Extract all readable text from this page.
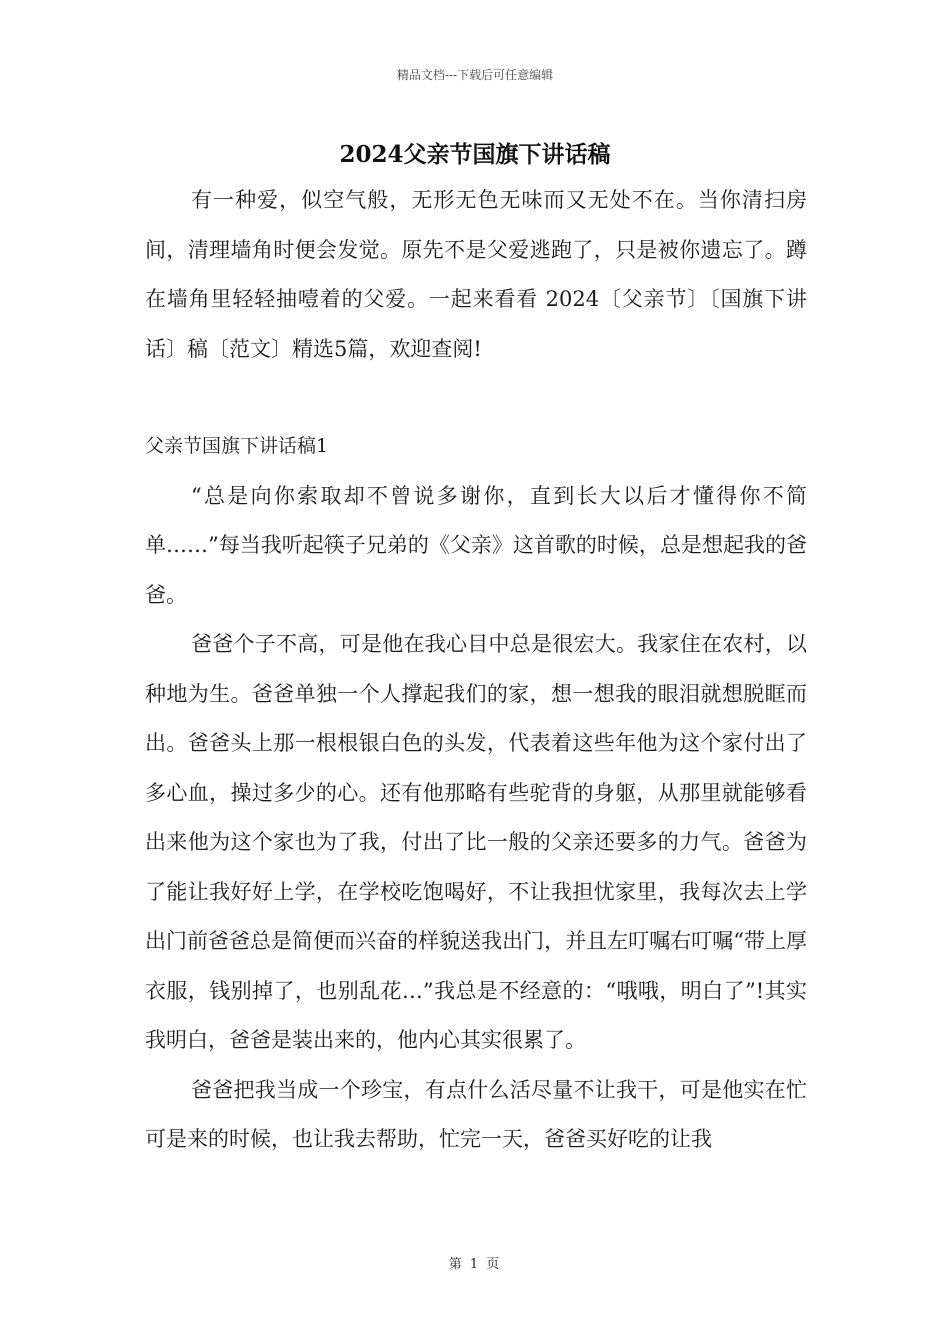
精品文档---下载后可任意编辑
2024父亲节国旗下讲话稿

有一种爱，似空气般，无形无色无味而又无处不在。当你清扫房间，清理墙角时便会发觉。原先不是父爱逃跑了，只是被你遗忘了。蹲在墙角里轻轻抽噎着的父爱。一起来看看 2024〔父亲节〕〔国旗下讲话〕稿〔范文〕精选5篇，欢迎查阅!

父亲节国旗下讲话稿1

“总是向你索取却不曾说多谢你，直到长大以后才懂得你不简单……”每当我听起筷子兄弟的《父亲》这首歌的时候，总是想起我的爸爸。

爸爸个子不高，可是他在我心目中总是很宏大。我家住在农村，以种地为生。爸爸单独一个人撑起我们的家，想一想我的眼泪就想脱眶而出。爸爸头上那一根根银白色的头发，代表着这些年他为这个家付出了多心血，操过多少的心。还有他那略有些驼背的身躯，从那里就能够看出来他为这个家也为了我，付出了比一般的父亲还要多的力气。爸爸为了能让我好好上学，在学校吃饱喝好，不让我担忧家里，我每次去上学出门前爸爸总是简便而兴奋的样貌送我出门，并且左叮嘱右叮嘱“带上厚衣服，钱别掉了，也别乱花…”我总是不经意的：“哦哦，明白了”!其实我明白，爸爸是装出来的，他内心其实很累了。

爸爸把我当成一个珍宝，有点什么活尽量不让我干，可是他实在忙可是来的时候，也让我去帮助，忙完一天，爸爸买好吃的让我

第 1 页
